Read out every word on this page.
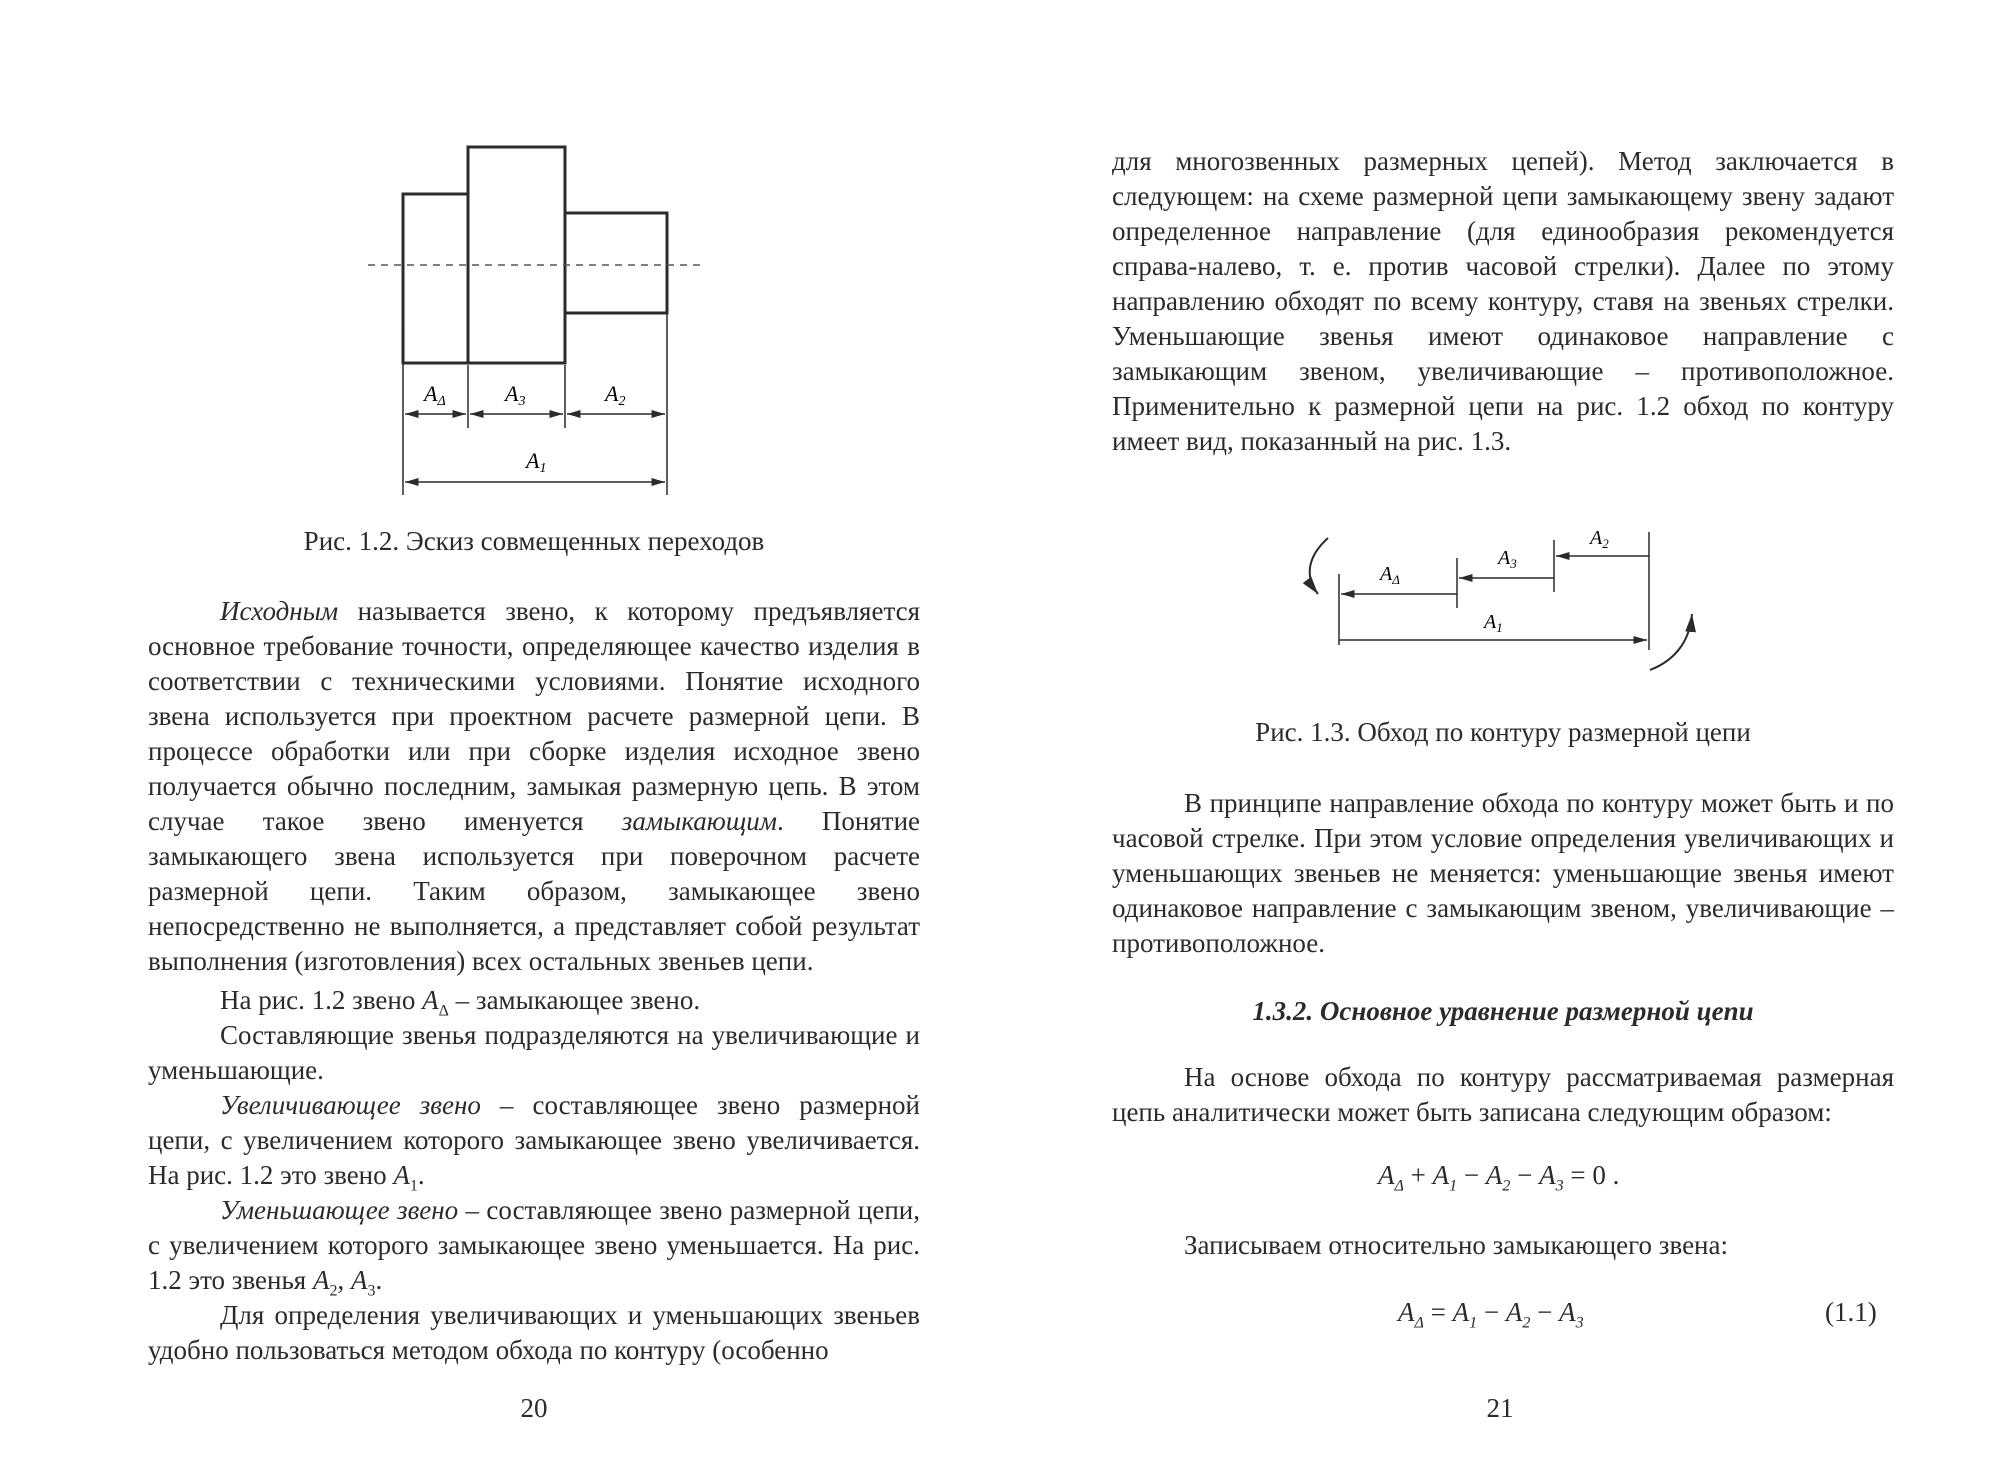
AΔ	A3	A2
A1

Рис. 1.2. Эскиз совмещенных переходов

Исходным называется звено, к которому предъявляется основное требование точности, определяющее качество изделия в соответствии с техническими условиями. Понятие исходного звена используется при проектном расчете размерной цепи. В процессе обработки или при сборке изделия исходное звено получается обычно последним, замыкая размерную цепь. В этом случае такое звено именуется замыкающим. Понятие замыкающего звена используется при поверочном расчете размерной цепи. Таким образом, замыкающее звено непосредственно не выполняется, а представляет собой результат выполнения (изготовления) всех остальных звеньев цепи.

На рис. 1.2 звено $A_\Delta$ – замыкающее звено.

Составляющие звенья подразделяются на увеличивающие и уменьшающие.

Увеличивающее звено – составляющее звено размерной цепи, с увеличением которого замыкающее звено увеличивается. На рис. 1.2 это звено $A_1$.

Уменьшающее звено – составляющее звено размерной цепи, с увеличением которого замыкающее звено уменьшается. На рис. 1.2 это звенья $A_2$, $A_3$.

Для определения увеличивающих и уменьшающих звеньев удобно пользоваться методом обхода по контуру (особенно

20

для многозвенных размерных цепей). Метод заключается в следующем: на схеме размерной цепи замыкающему звену задают определенное направление (для единообразия рекомендуется справа-налево, т. е. против часовой стрелки). Далее по этому направлению обходят по всему контуру, ставя на звеньях стрелки. Уменьшающие звенья имеют одинаковое направление с замыкающим звеном, увеличивающие – противоположное. Применительно к размерной цепи на рис. 1.2 обход по контуру имеет вид, показанный на рис. 1.3.

$A_\Delta$
$A_3$
$A_2$
$A_1$

Рис. 1.3. Обход по контуру размерной цепи

В принципе направление обхода по контуру может быть и по часовой стрелке. При этом условие определения увеличивающих и уменьшающих звеньев не меняется: уменьшающие звенья имеют одинаковое направление с замыкающим звеном, увеличивающие – противоположное.

1.3.2. Основное уравнение размерной цепи

На основе обхода по контуру рассматриваемая размерная цепь аналитически может быть записана следующим образом:

$A_\Delta + A_1 - A_2 - A_3 = 0$ .

Записываем относительно замыкающего звена:

$A_\Delta = A_1 - A_2 - A_3$	(1.1)

21
